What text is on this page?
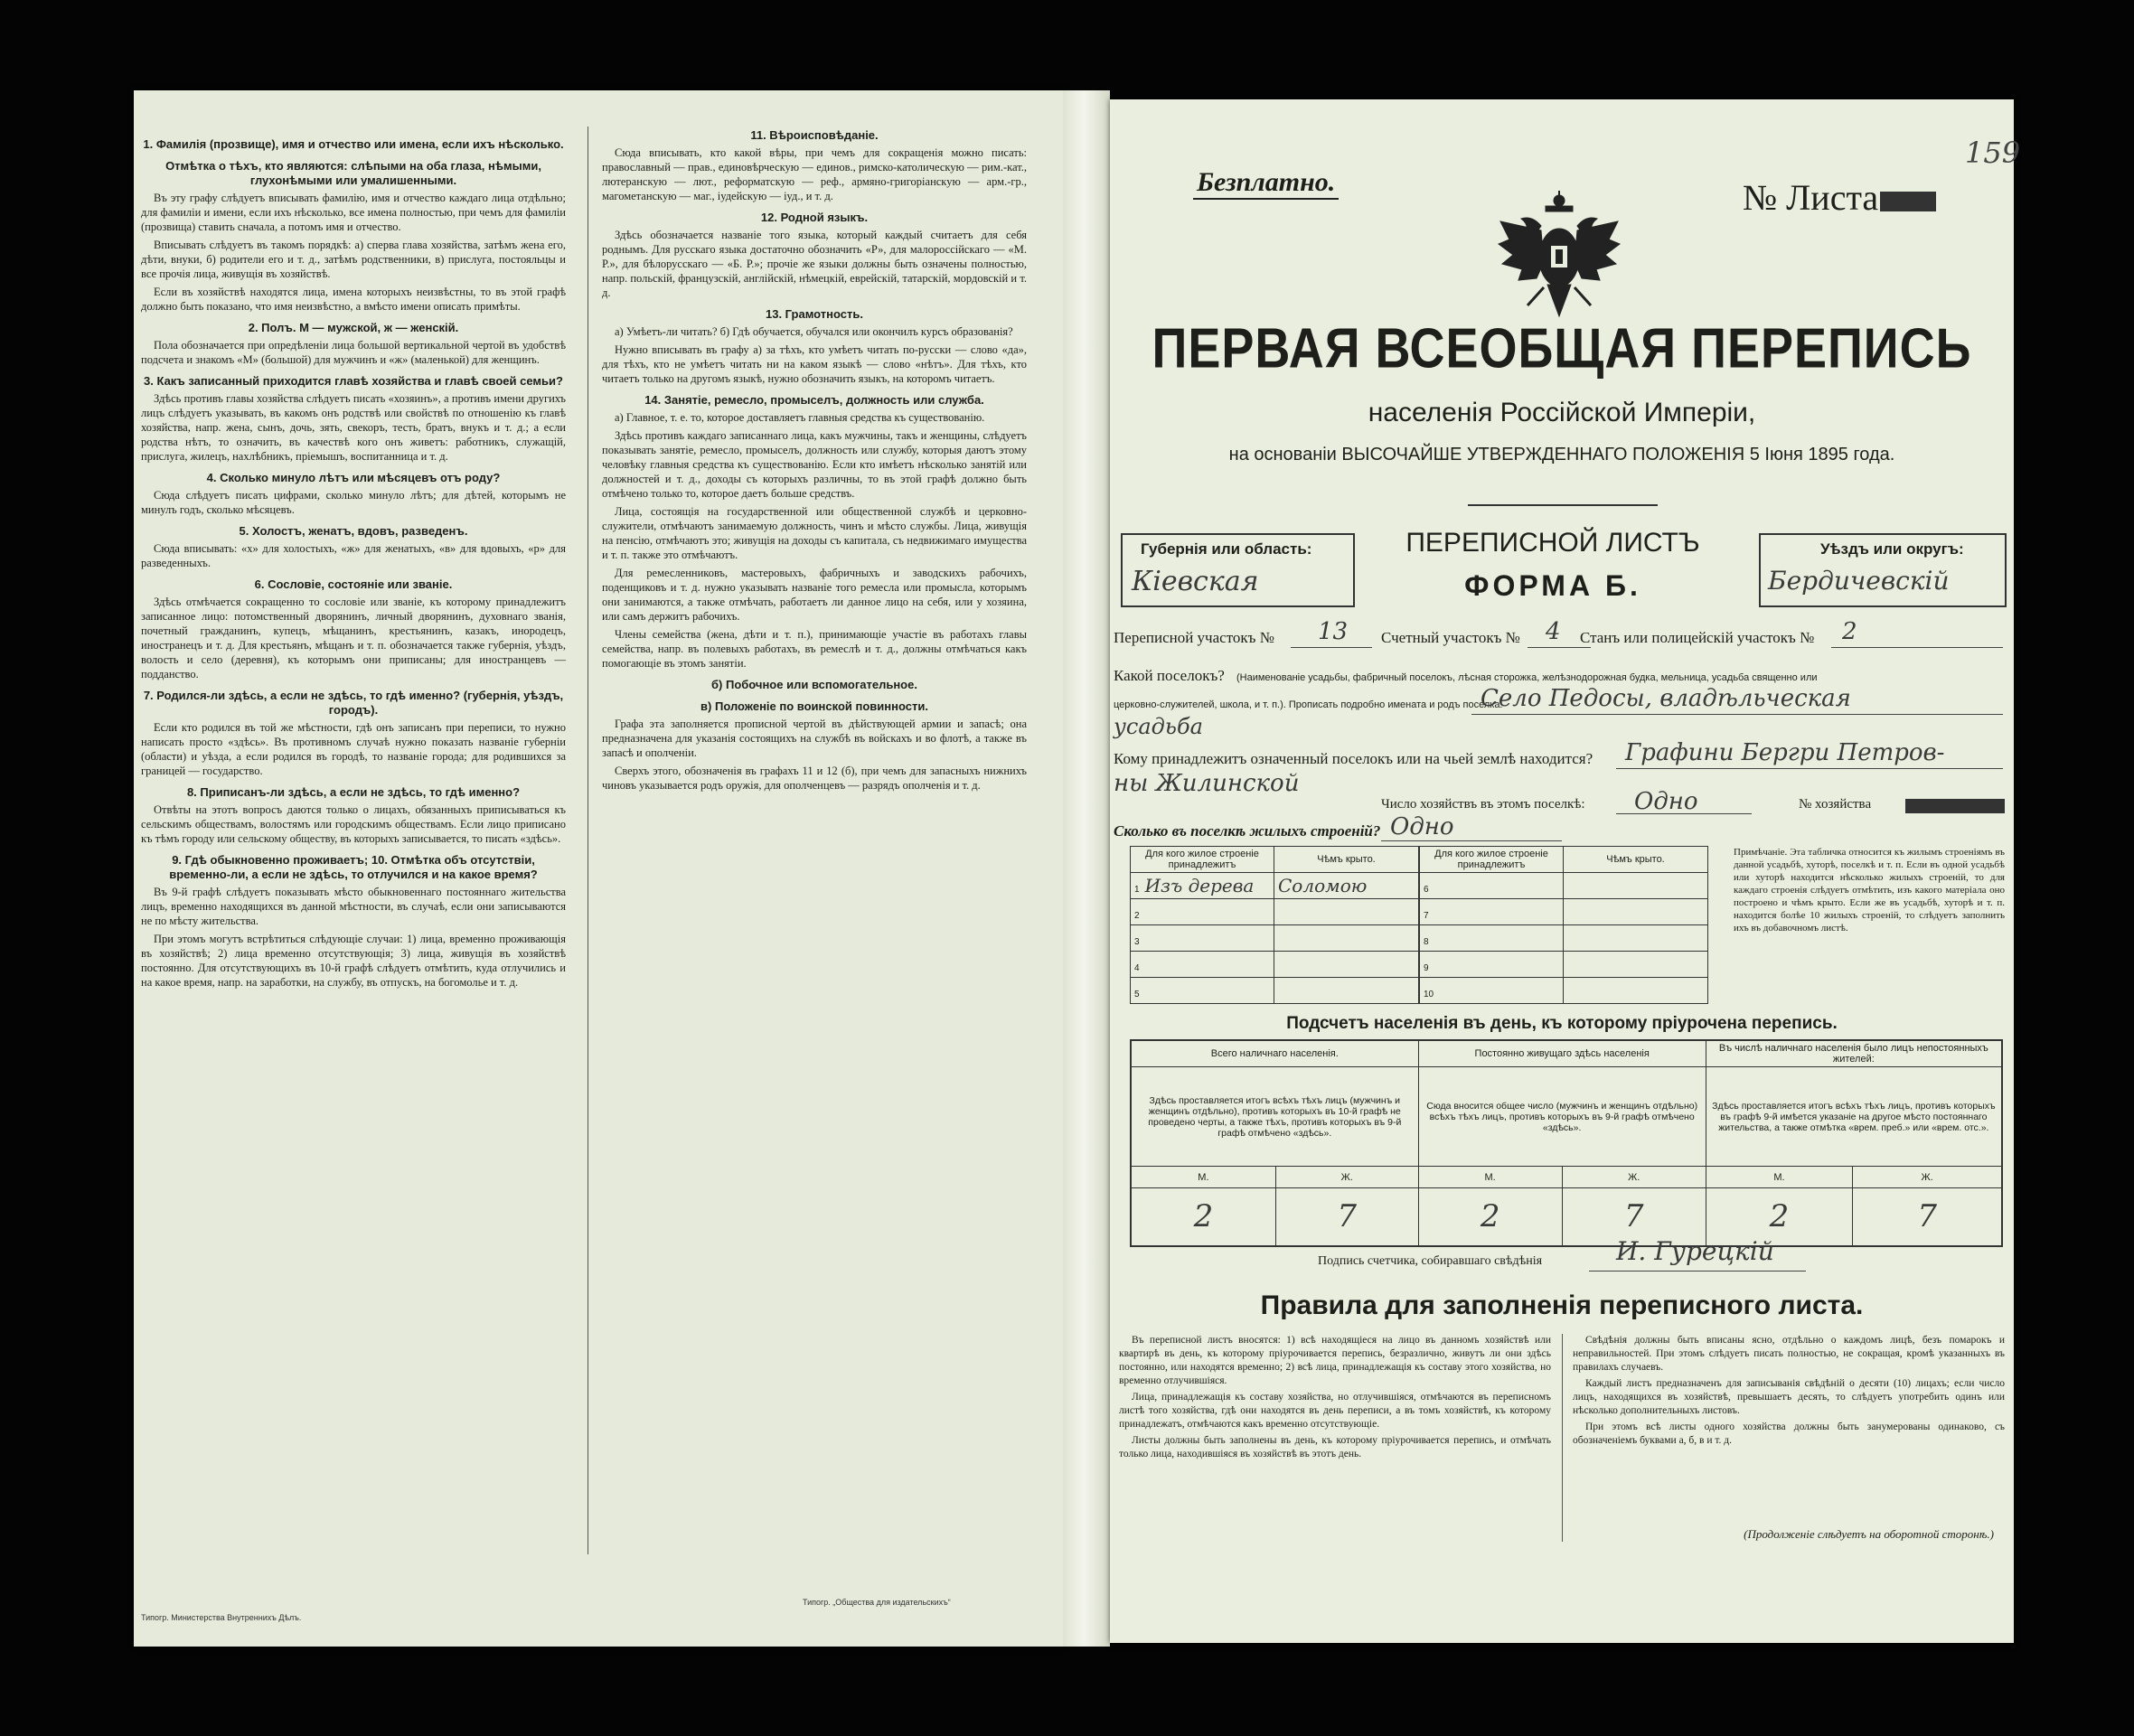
1. Фамилія (прозвище), имя и отчество или имена, если ихъ нѣсколько.
Отмѣтка о тѣхъ, кто являются: слѣпыми на оба глаза, нѣмыми, глухонѣмыми или умалишенными.

Въ эту графу слѣдуетъ вписывать фамилію, имя и отчество каждаго лица отдѣльно; для фамиліи и имени, если ихъ нѣсколько, все имена полностью, при чемъ для фамиліи (прозвища) ставить сначала, а потомъ имя и отчество.

Вписывать слѣдуетъ въ такомъ порядкѣ: а) сперва глава хозяйства, затѣмъ жена его, дѣти, внуки, б) родители его и т. д., затѣмъ родственники, в) прислуга, постояльцы и все прочія лица, живущія въ хозяйствѣ.

Если въ хозяйствѣ находятся лица, имена которыхъ неизвѣстны, то въ этой графѣ должно быть показано, что имя неизвѣстно, а вмѣсто имени описать примѣты.

2. Полъ. М — мужской, ж — женскій.

Пола обозначается при опредѣленіи лица большой вертикальной чертой въ удобствѣ подсчета и знакомъ «М» (большой) для мужчинъ и «ж» (маленькой) для женщинъ.

3. Какъ записанный приходится главѣ хозяйства и главѣ своей семьи?

Здѣсь противъ главы хозяйства слѣдуетъ писать «хозяинъ», а противъ имени другихъ лицъ слѣдуетъ указывать, въ какомъ онъ родствѣ или свойствѣ по отношенію къ главѣ хозяйства, напр. жена, сынъ, дочь, зять, свекоръ, тесть, братъ, внукъ и т. д.; а если родства нѣтъ, то означить, въ качествѣ кого онъ живетъ: работникъ, служащій, прислуга, жилецъ, нахлѣбникъ, пріемышъ, воспитанница и т. д.

4. Сколько минуло лѣтъ или мѣсяцевъ отъ роду?

Сюда слѣдуетъ писать цифрами, сколько минуло лѣтъ; для дѣтей, которымъ не минулъ годъ, сколько мѣсяцевъ.

5. Холостъ, женатъ, вдовъ, разведенъ.

Сюда вписывать: «х» для холостыхъ, «ж» для женатыхъ, «в» для вдовыхъ, «р» для разведенныхъ.

6. Сословіе, состояніе или званіе.

Здѣсь отмѣчается сокращенно то сословіе или званіе, къ которому принадлежитъ записанное лицо: потомственный дворянинъ, личный дворянинъ, духовнаго званія, почетный гражданинъ, купецъ, мѣщанинъ, крестьянинъ, казакъ, инородецъ, иностранецъ и т. д. Для крестьянъ, мѣщанъ и т. п. обозначается также губернія, уѣздъ, волость и село (деревня), къ которымъ они приписаны; для иностранцевъ — подданство.

7. Родился-ли здѣсь, а если не здѣсь, то гдѣ именно? (губернія, уѣздъ, городъ).

Если кто родился въ той же мѣстности, гдѣ онъ записанъ при переписи, то нужно написать просто «здѣсь». Въ противномъ случаѣ нужно показать названіе губерніи (области) и уѣзда, а если родился въ городѣ, то названіе города; для родившихся за границей — государство.

8. Приписанъ-ли здѣсь, а если не здѣсь, то гдѣ именно?

Отвѣты на этотъ вопросъ даются только о лицахъ, обязанныхъ приписываться къ сельскимъ обществамъ, волостямъ или городскимъ обществамъ. Если лицо приписано къ тѣмъ городу или сельскому обществу, въ которыхъ записывается, то писать «здѣсь».

9. Гдѣ обыкновенно проживаетъ; 10. Отмѣтка объ отсутствіи, временно-ли, а если не здѣсь, то отлучился и на какое время?

Въ 9-й графѣ слѣдуетъ показывать мѣсто обыкновеннаго постояннаго жительства лицъ, временно находящихся въ данной мѣстности, въ случаѣ, если они записываются не по мѣсту жительства.

При этомъ могутъ встрѣтиться слѣдующіе случаи: 1) лица, временно проживающія въ хозяйствѣ; 2) лица временно отсутствующія; 3) лица, живущія въ хозяйствѣ постоянно. Для отсутствующихъ въ 10-й графѣ слѣдуетъ отмѣтить, куда отлучились и на какое время, напр. на заработки, на службу, въ отпускъ, на богомолье и т. д.

11. Вѣроисповѣданіе.

Сюда вписывать, кто какой вѣры, при чемъ для сокращенія можно писать: православный — прав., единовѣрческую — единов., римско-католическую — рим.-кат., лютеранскую — лют., реформатскую — реф., армяно-григоріанскую — арм.-гр., магометанскую — маг., іудейскую — іуд., и т. д.

12. Родной языкъ.

Здѣсь обозначается названіе того языка, который каждый считаетъ для себя роднымъ. Для русскаго языка достаточно обозначить «Р», для малороссійскаго — «М. Р.», для бѣлорусскаго — «Б. Р.»; прочіе же языки должны быть означены полностью, напр. польскій, французскій, англійскій, нѣмецкій, еврейскій, татарскій, мордовскій и т. д.

13. Грамотность.

а) Умѣетъ-ли читать? б) Гдѣ обучается, обучался или окончилъ курсъ образованія?

Нужно вписывать въ графу а) за тѣхъ, кто умѣетъ читать по-русски — слово «да», для тѣхъ, кто не умѣетъ читать ни на каком языкѣ — слово «нѣтъ». Для тѣхъ, кто читаетъ только на другомъ языкѣ, нужно обозначить языкъ, на которомъ читаетъ.

14. Занятіе, ремесло, промыселъ, должность или служба.

а) Главное, т. е. то, которое доставляетъ главныя средства къ существованію.

Здѣсь противъ каждаго записаннаго лица, какъ мужчины, такъ и женщины, слѣдуетъ показывать занятіе, ремесло, промыселъ, должность или службу, которыя даютъ этому человѣку главныя средства къ существованію. Если кто имѣетъ нѣсколько занятій или должностей и т. д., доходы съ которыхъ различны, то въ этой графѣ должно быть отмѣчено только то, которое даетъ больше средствъ.

Лица, состоящія на государственной или общественной службѣ и церковно-служители, отмѣчаютъ занимаемую должность, чинъ и мѣсто службы. Лица, живущія на пенсію, отмѣчаютъ это; живущія на доходы съ капитала, съ недвижимаго имущества и т. п. также это отмѣчаютъ.

Для ремесленниковъ, мастеровыхъ, фабричныхъ и заводскихъ рабочихъ, поденщиковъ и т. д. нужно указывать названіе того ремесла или промысла, которымъ они занимаются, а также отмѣчать, работаетъ ли данное лицо на себя, или у хозяина, или самъ держитъ рабочихъ.

Члены семейства (жена, дѣти и т. п.), принимающіе участіе въ работахъ главы семейства, напр. въ полевыхъ работахъ, въ ремеслѣ и т. д., должны отмѣчаться какъ помогающіе въ этомъ занятіи.

б) Побочное или вспомогательное.
в) Положеніе по воинской повинности.

Графа эта заполняется прописной чертой въ дѣйствующей армии и запасѣ; она предназначена для указанія состоящихъ на службѣ въ войскахъ и во флотѣ, а также въ запасѣ и ополченіи.

Сверхъ этого, обозначенія въ графахъ 11 и 12 (б), при чемъ для запасныхъ нижнихъ чиновъ указывается родъ оружія, для ополченцевъ — разрядъ ополченія и т. д.

Типогр. Министерства Внутреннихъ Дѣлъ.
Типогр. „Общества для издательскихъ“
Безплатно.	№ Листа
159
ПЕРВАЯ ВСЕОБЩАЯ ПЕРЕПИСЬ
населенія Россійской Имперіи,
на основаніи ВЫСОЧАЙШЕ УТВЕРЖДЕННАГО ПОЛОЖЕНІЯ 5 Іюня 1895 года.
Губернія или область:
Кіевская
ПЕРЕПИСНОЙ ЛИСТЪ
ФОРМА Б.
Уѣздъ или округъ:
Бердичевскій
Переписной участокъ № 13 Счетный участокъ № 4 Станъ или полицейскій участокъ № 2
Какой поселокъ? (Наименованіе усадьбы, фабричный поселокъ, лѣсная сторожка, желѣзнодорожная будка, мельница, усадьба священно или
церковно-служителей, школа, и т. п.). Прописать подробно имената и родъ поселка.
Село Педосы, владѣльческая
усадьба
Кому принадлежитъ означенный поселокъ или на чьей землѣ находится? Графини Бергри Петров-
ны Жилинской
Число хозяйствъ въ этомъ поселкѣ: Одно	№ хозяйства
Сколько въ поселкѣ жилыхъ строеній? Одно
Для кого жилое строеніе принадлежитъ	Чѣмъ крыто.
1 Изъ дерева	Соломою
2	
3	
4	
5	
Для кого жилое строеніе принадлежитъ	Чѣмъ крыто.
6	
7	
8	
9	
10	
Примѣчаніе. Эта табличка относится къ жилымъ строеніямъ въ данной усадьбѣ, хуторѣ, поселкѣ и т. п. Если въ одной усадьбѣ или хуторѣ находится нѣсколько жилыхъ строеній, то для каждаго строенія слѣдуетъ отмѣтить, изъ какого матеріала оно построено и чѣмъ крыто. Если же въ усадьбѣ, хуторѣ и т. п. находится болѣе 10 жилыхъ строеній, то слѣдуетъ заполнить ихъ въ добавочномъ листѣ.
Подсчетъ населенія въ день, къ которому пріурочена перепись.
Всего наличнаго населенія.		Постоянно живущаго здѣсь населенія		Въ числѣ наличнаго населенія было лицъ непостоянныхъ жителей:	
Здѣсь проставляется итогъ всѣхъ тѣхъ лицъ (мужчинъ и женщинъ отдѣльно), противъ которыхъ въ 10-й графѣ не проведено черты, а также тѣхъ, противъ которыхъ въ 9-й графѣ отмѣчено «здѣсь».		Сюда вносится общее число (мужчинъ и женщинъ отдѣльно) всѣхъ тѣхъ лицъ, противъ которыхъ въ 9-й графѣ отмѣчено «здѣсь».		Здѣсь проставляется итогъ всѣхъ тѣхъ лицъ, противъ которыхъ въ графѣ 9-й имѣется указаніе на другое мѣсто постояннаго жительства, а также отмѣтка «врем. преб.» или «врем. отс.».	
М.	Ж.	М.	Ж.	М.	Ж.
2	7	2	7	2	7
Подпись счетчика, собиравшаго свѣдѣнія	И. Гурецкій
Правила для заполненія переписного листа.

Въ переписной листъ вносятся: 1) всѣ находящіеся на лицо въ данномъ хозяйствѣ или квартирѣ въ день, къ которому пріурочивается перепись, безразлично, живутъ ли они здѣсь постоянно, или находятся временно; 2) всѣ лица, принадлежащія къ составу этого хозяйства, но временно отлучившіяся.

Лица, принадлежащія къ составу хозяйства, но отлучившіяся, отмѣчаются въ переписномъ листѣ того хозяйства, гдѣ они находятся въ день переписи, а въ томъ хозяйствѣ, къ которому принадлежатъ, отмѣчаются какъ временно отсутствующіе.

Листы должны быть заполнены въ день, къ которому пріурочивается перепись, и отмѣчать только лица, находившіяся въ хозяйствѣ въ этотъ день.

Свѣдѣнія должны быть вписаны ясно, отдѣльно о каждомъ лицѣ, безъ помарокъ и неправильностей. При этомъ слѣдуетъ писать полностью, не сокращая, кромѣ указанныхъ въ правилахъ случаевъ.

Каждый листъ предназначенъ для записыванія свѣдѣній о десяти (10) лицахъ; если число лицъ, находящихся въ хозяйствѣ, превышаетъ десять, то слѣдуетъ употребить одинъ или нѣсколько дополнительныхъ листовъ.

При этомъ всѣ листы одного хозяйства должны быть занумерованы одинаково, съ обозначеніемъ буквами а, б, в и т. д.

(Продолженіе слѣдуетъ на оборотной сторонѣ.)
